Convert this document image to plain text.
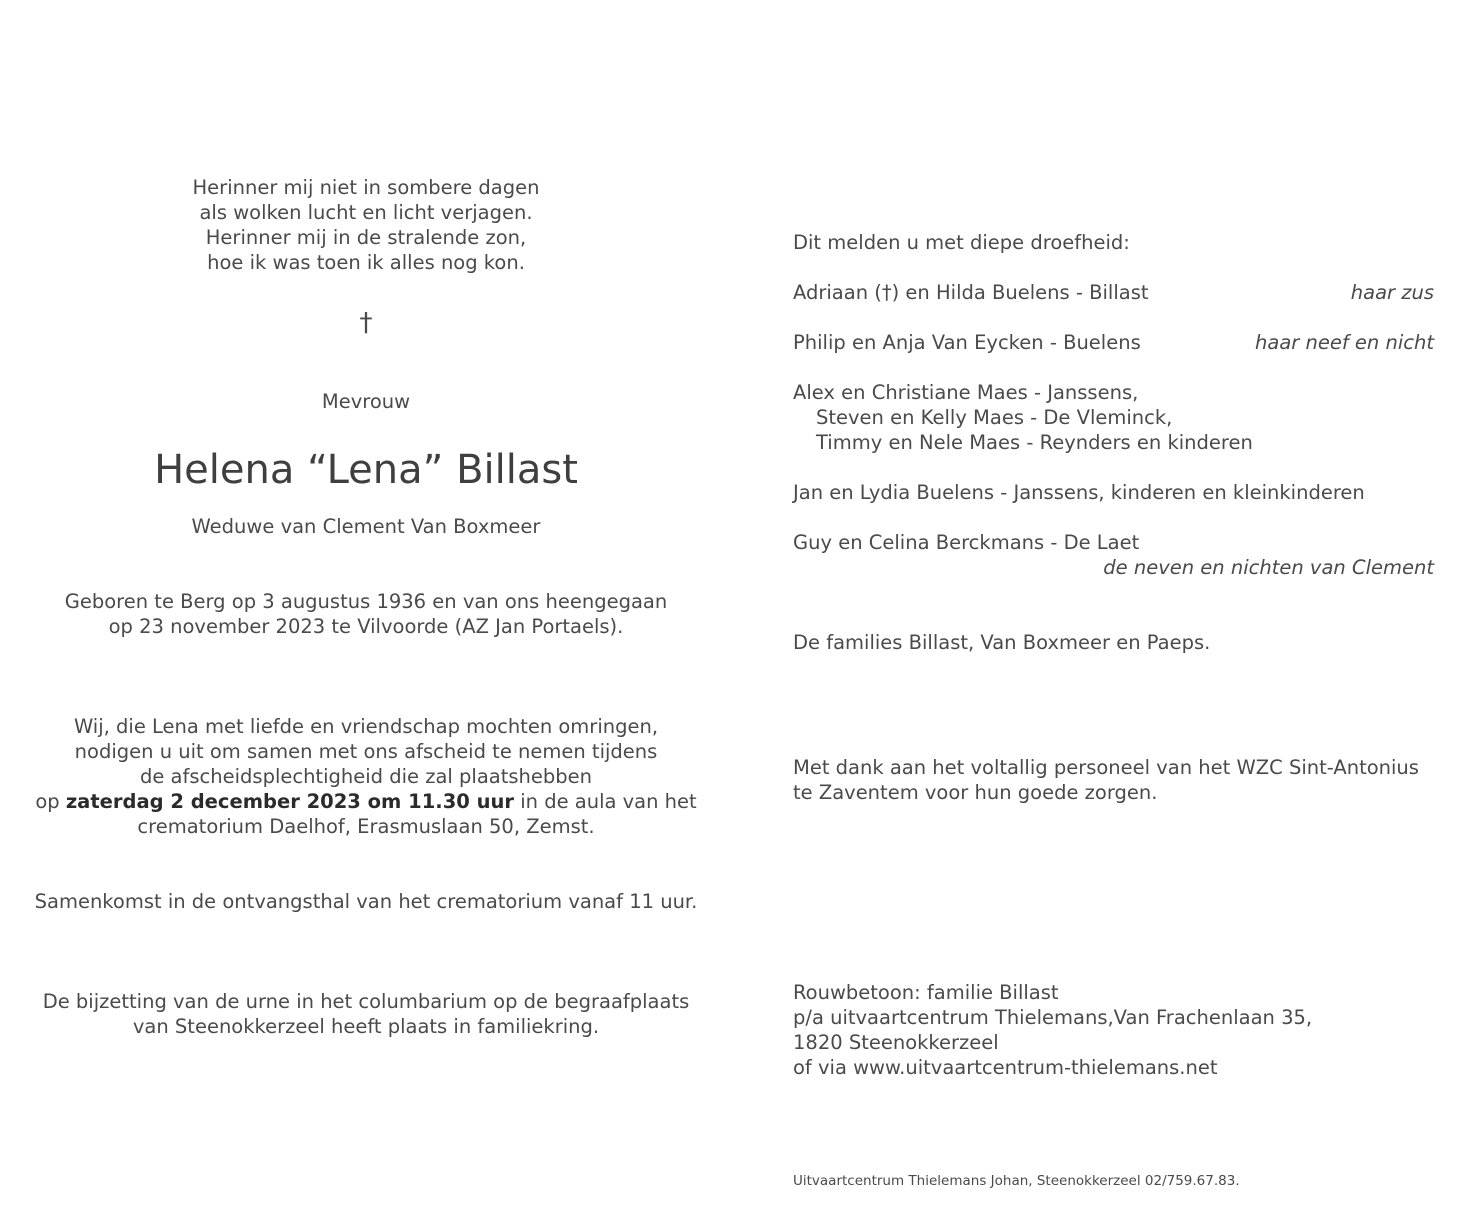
Herinner mij niet in sombere dagen
als wolken lucht en licht verjagen.
Herinner mij in de stralende zon,
hoe ik was toen ik alles nog kon.
†
Mevrouw
Helena “Lena” Billast
Weduwe van Clement Van Boxmeer
Geboren te Berg op 3 augustus 1936 en van ons heengegaan
op 23 november 2023 te Vilvoorde (AZ Jan Portaels).
Wij, die Lena met liefde en vriendschap mochten omringen,
nodigen u uit om samen met ons afscheid te nemen tijdens
de afscheidsplechtigheid die zal plaatshebben
op zaterdag 2 december 2023 om 11.30 uur in de aula van het
crematorium Daelhof, Erasmuslaan 50, Zemst.
Samenkomst in de ontvangsthal van het crematorium vanaf 11 uur.
De bijzetting van de urne in het columbarium op de begraafplaats
van Steenokkerzeel heeft plaats in familiekring.
Dit melden u met diepe droefheid:
Adriaan (†) en Hilda Buelens - Billast	haar zus
Philip en Anja Van Eycken - Buelens	haar neef en nicht
Alex en Christiane Maes - Janssens,
Steven en Kelly Maes - De Vleminck,
Timmy en Nele Maes - Reynders en kinderen
Jan en Lydia Buelens - Janssens, kinderen en kleinkinderen
Guy en Celina Berckmans - De Laet
de neven en nichten van Clement
De families Billast, Van Boxmeer en Paeps.
Met dank aan het voltallig personeel van het WZC Sint-Antonius
te Zaventem voor hun goede zorgen.
Rouwbetoon: familie Billast
p/a uitvaartcentrum Thielemans,Van Frachenlaan 35,
1820 Steenokkerzeel
of via www.uitvaartcentrum-thielemans.net
Uitvaartcentrum Thielemans Johan, Steenokkerzeel 02/759.67.83.
